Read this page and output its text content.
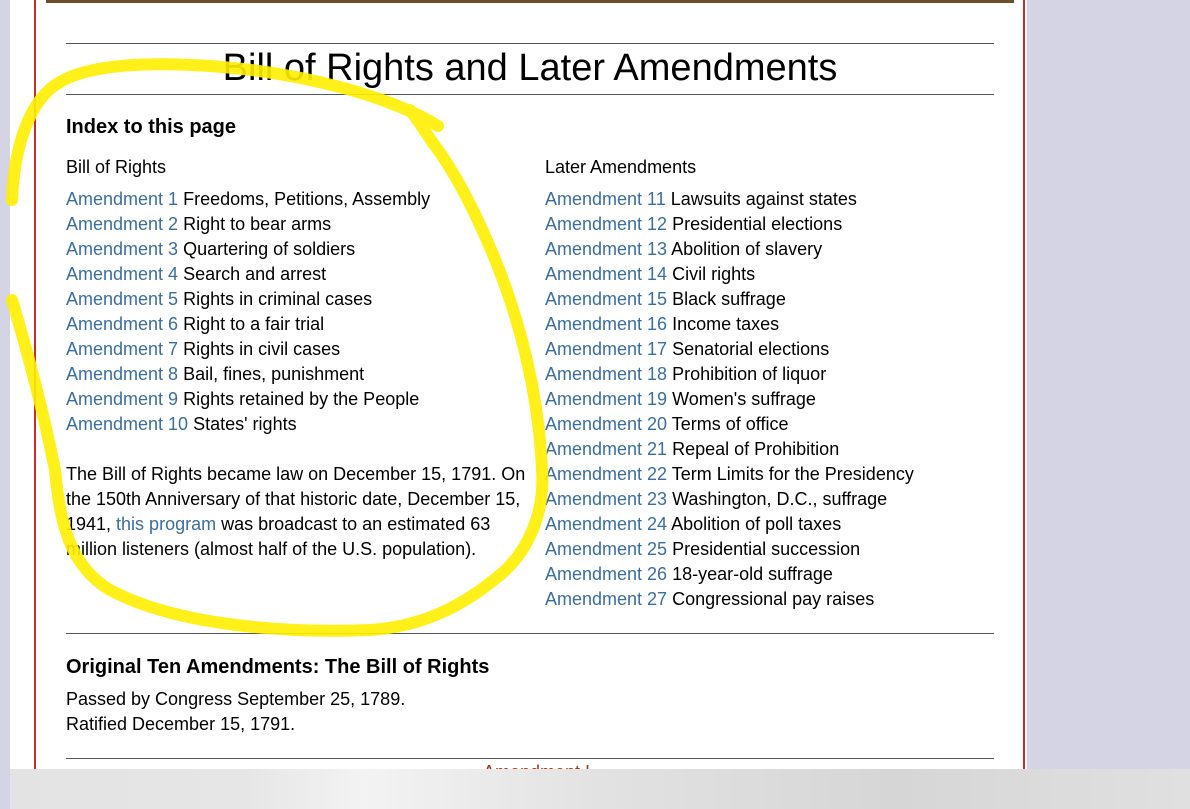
Bill of Rights and Later Amendments
Index to this page
Bill of Rights
Amendment 1 Freedoms, Petitions, Assembly
Amendment 2 Right to bear arms
Amendment 3 Quartering of soldiers
Amendment 4 Search and arrest
Amendment 5 Rights in criminal cases
Amendment 6 Right to a fair trial
Amendment 7 Rights in civil cases
Amendment 8 Bail, fines, punishment
Amendment 9 Rights retained by the People
Amendment 10 States' rights

The Bill of Rights became law on December 15, 1791. On the 150th Anniversary of that historic date, December 15, 1941, this program was broadcast to an estimated 63 million listeners (almost half of the U.S. population).

Later Amendments
Amendment 11 Lawsuits against states
Amendment 12 Presidential elections
Amendment 13 Abolition of slavery
Amendment 14 Civil rights
Amendment 15 Black suffrage
Amendment 16 Income taxes
Amendment 17 Senatorial elections
Amendment 18 Prohibition of liquor
Amendment 19 Women's suffrage
Amendment 20 Terms of office
Amendment 21 Repeal of Prohibition
Amendment 22 Term Limits for the Presidency
Amendment 23 Washington, D.C., suffrage
Amendment 24 Abolition of poll taxes
Amendment 25 Presidential succession
Amendment 26 18-year-old suffrage
Amendment 27 Congressional pay raises
Original Ten Amendments: The Bill of Rights
Passed by Congress September 25, 1789.
Ratified December 15, 1791.
